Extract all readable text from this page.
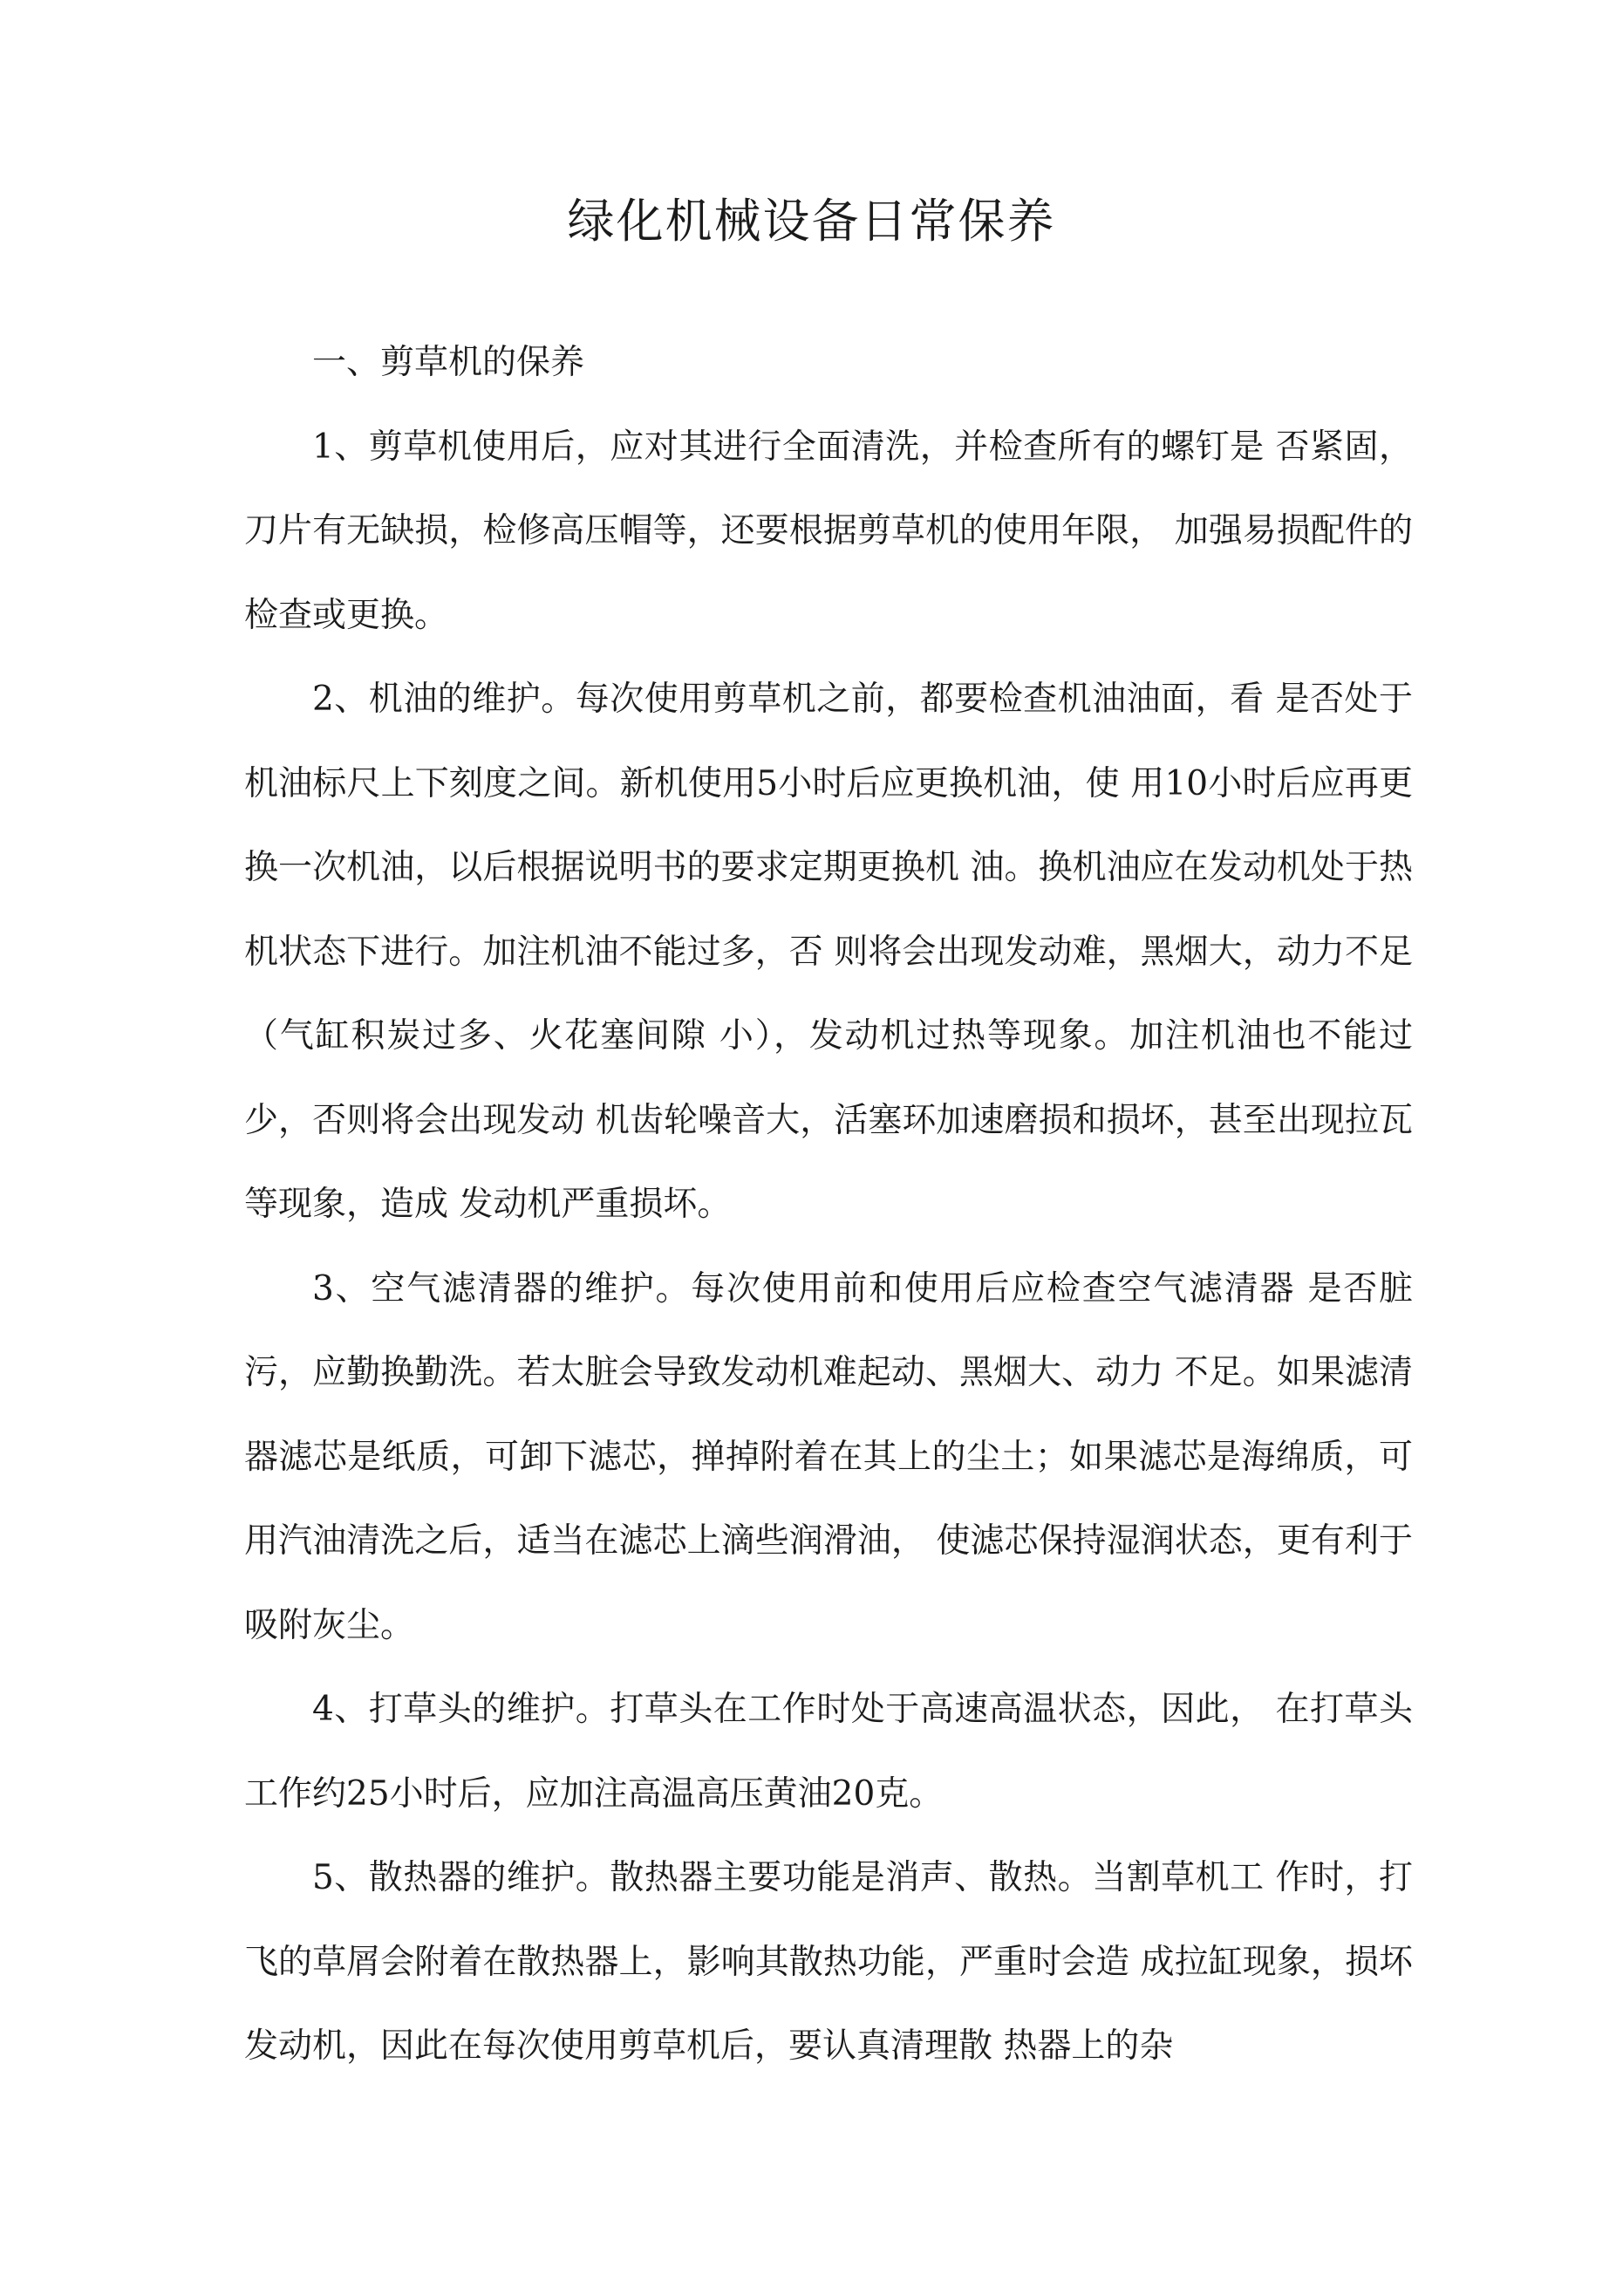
绿化机械设备日常保养

一、剪草机的保养

1、剪草机使用后，应对其进行全面清洗，并检查所有的螺钉是 否紧固，刀片有无缺损，检修高压帽等，还要根据剪草机的使用年限， 加强易损配件的检查或更换。

2、机油的维护。每次使用剪草机之前，都要检查机油油面，看 是否处于机油标尺上下刻度之间。新机使用5小时后应更换机油，使 用10小时后应再更换一次机油，以后根据说明书的要求定期更换机 油。换机油应在发动机处于热机状态下进行。加注机油不能过多，否 则将会出现发动难，黑烟大，动力不足（气缸积炭过多、火花塞间隙 小），发动机过热等现象。加注机油也不能过少，否则将会出现发动 机齿轮噪音大，活塞环加速磨损和损坏，甚至出现拉瓦等现象，造成 发动机严重损坏。

3、空气滤清器的维护。每次使用前和使用后应检查空气滤清器 是否脏污，应勤换勤洗。若太脏会导致发动机难起动、黑烟大、动力 不足。如果滤清器滤芯是纸质，可卸下滤芯，掸掉附着在其上的尘土；如果滤芯是海绵质，可用汽油清洗之后，适当在滤芯上滴些润滑油， 使滤芯保持湿润状态，更有利于吸附灰尘。

4、打草头的维护。打草头在工作时处于高速高温状态，因此， 在打草头工作约25小时后，应加注高温高压黄油20克。

5、散热器的维护。散热器主要功能是消声、散热。当割草机工 作时，打飞的草屑会附着在散热器上，影响其散热功能，严重时会造 成拉缸现象，损坏发动机，因此在每次使用剪草机后，要认真清理散 热器上的杂
